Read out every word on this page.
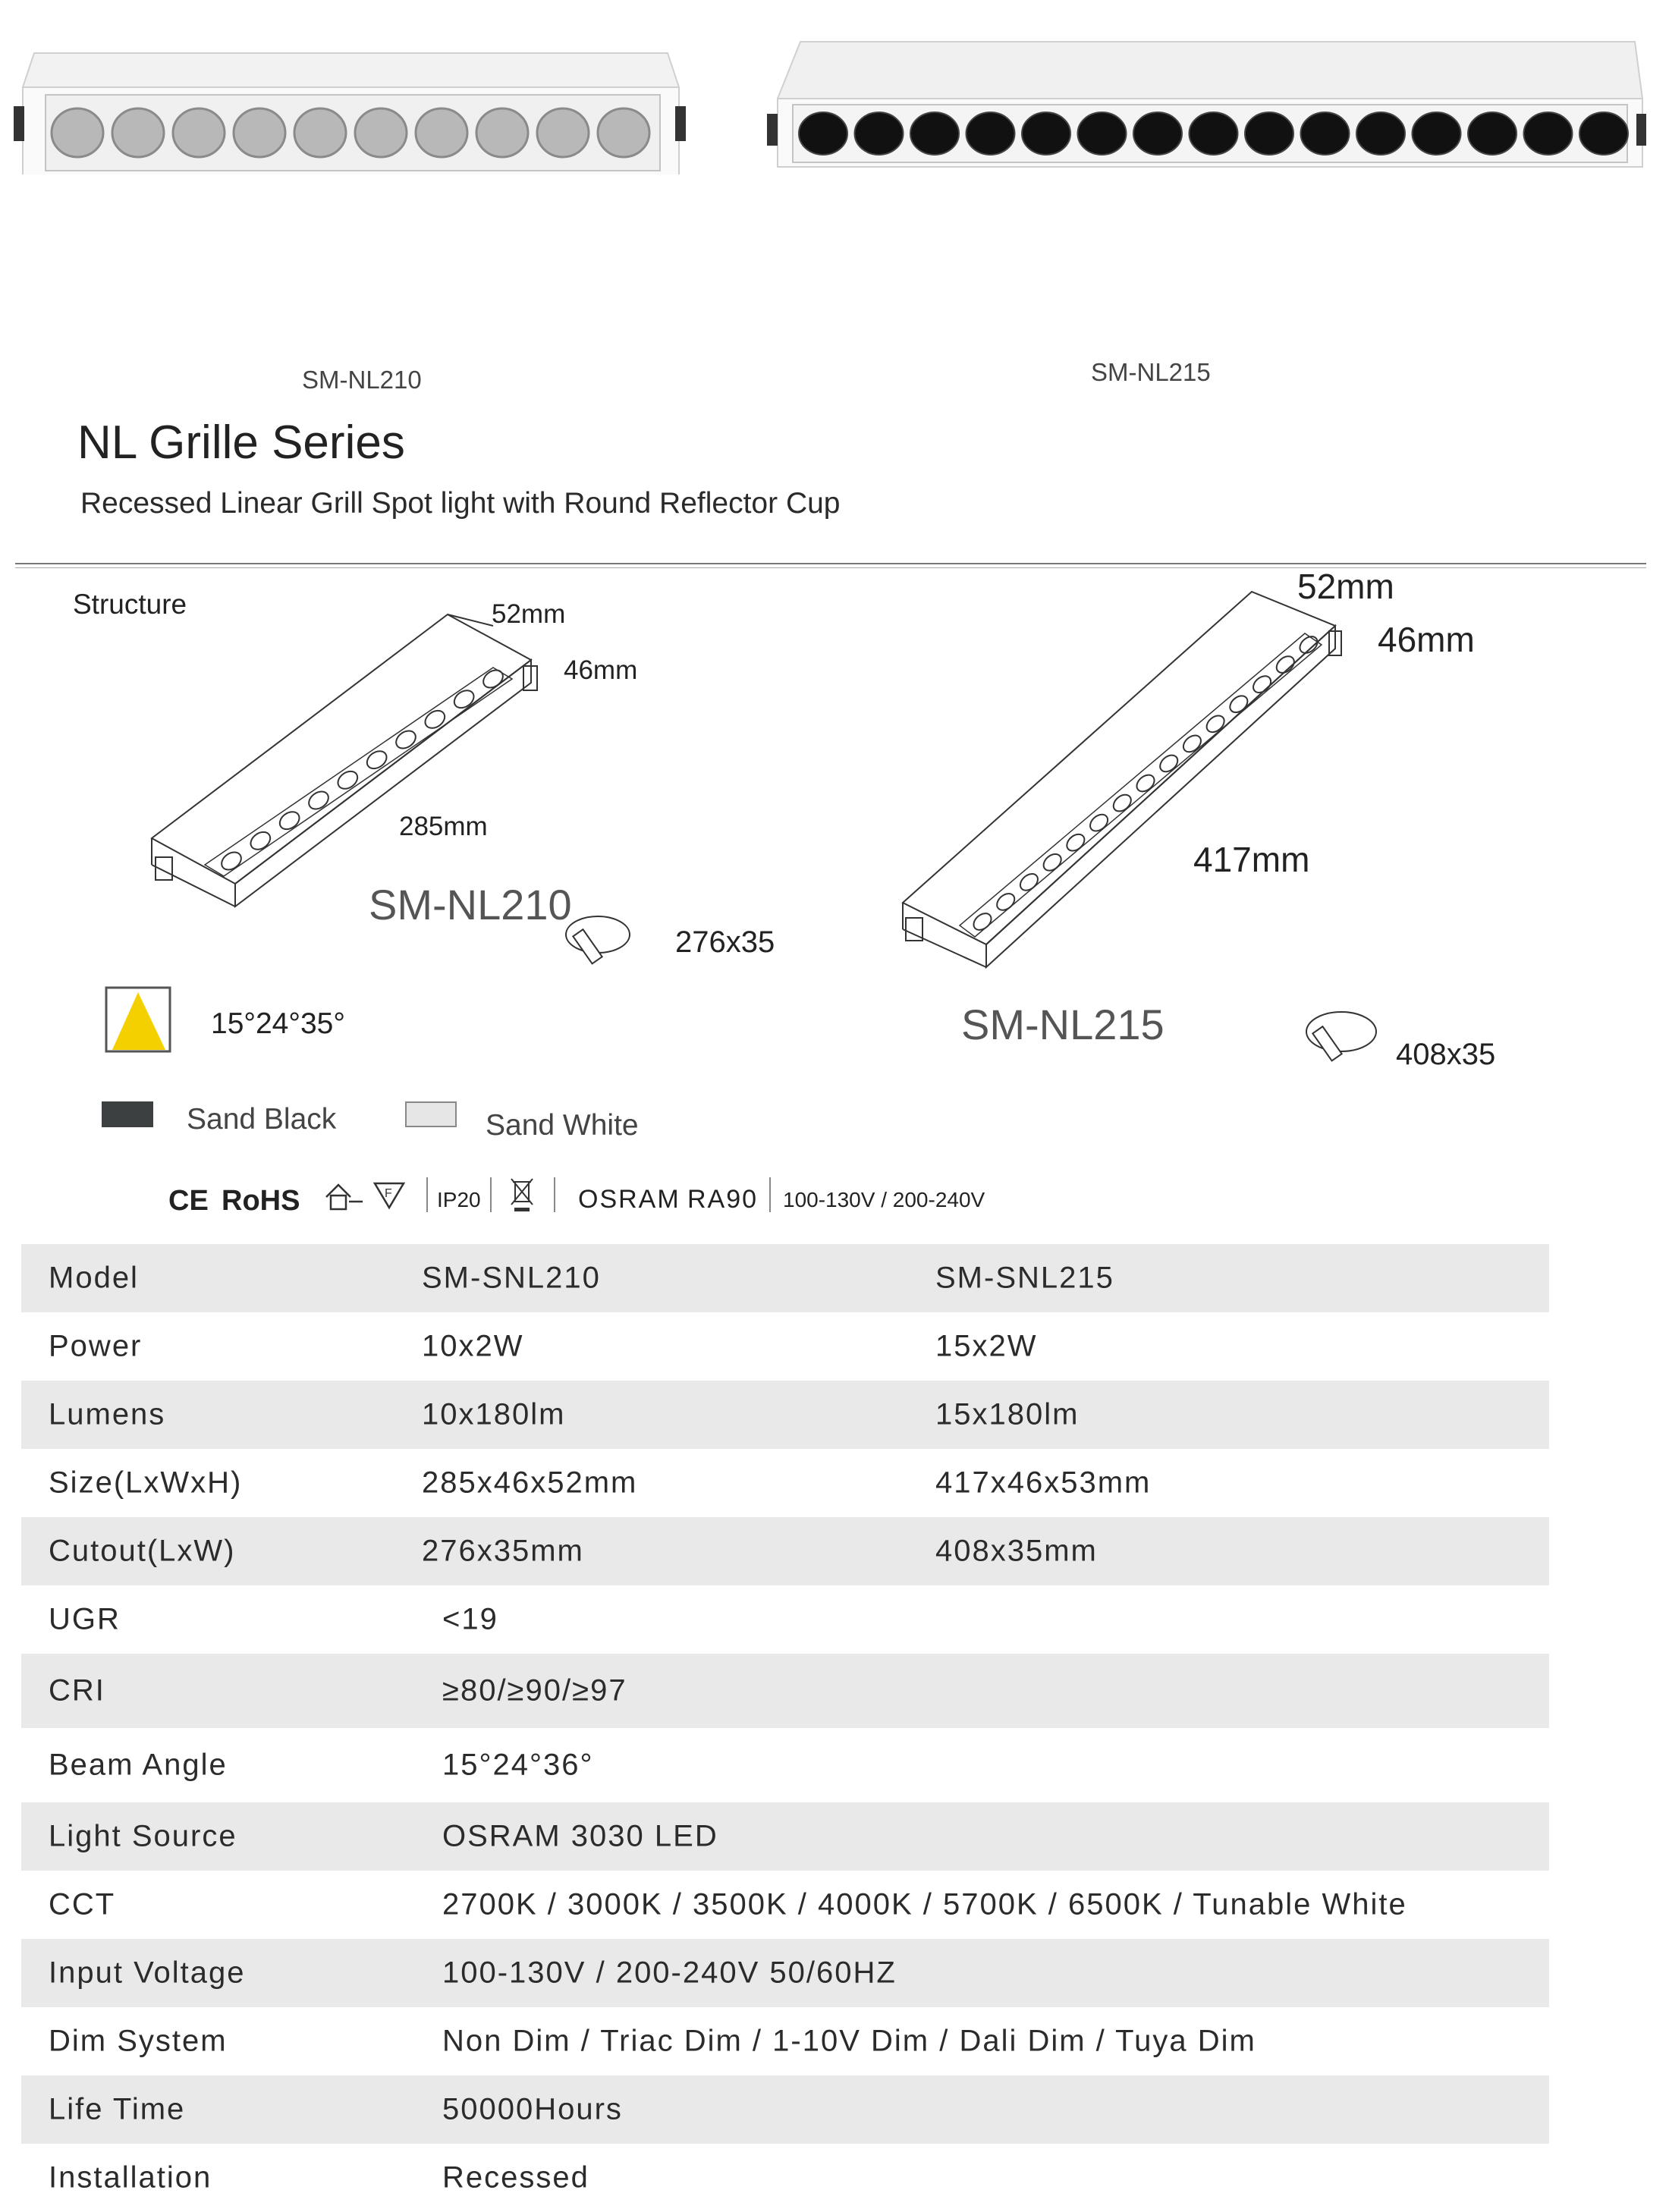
SM-NL210	SM-NL215
NL Grille Series
Recessed Linear Grill Spot light with Round Reflector Cup
Structure	52mm
46mm
285mm
SM-NL210
276x35
52mm
46mm
417mm
SM-NL215
408x35
15°24°35°
Sand Black	Sand White
CE RoHS	F IP20	OSRAM RA90 100-130V / 200-240V
Model	SM-SNL210	SM-SNL215
Power	10x2W	15x2W
Lumens	10x180lm	15x180lm
Size(LxWxH)	285x46x52mm	417x46x53mm
Cutout(LxW)	276x35mm	408x35mm
UGR	<19
CRI	≥80/≥90/≥97
Beam Angle	15°24°36°
Light Source	OSRAM 3030 LED
CCT	2700K / 3000K / 3500K / 4000K / 5700K / 6500K / Tunable White
Input Voltage	100-130V / 200-240V 50/60HZ
Dim System	Non Dim / Triac Dim / 1-10V Dim / Dali Dim / Tuya Dim
Life Time	50000Hours
Installation	Recessed
